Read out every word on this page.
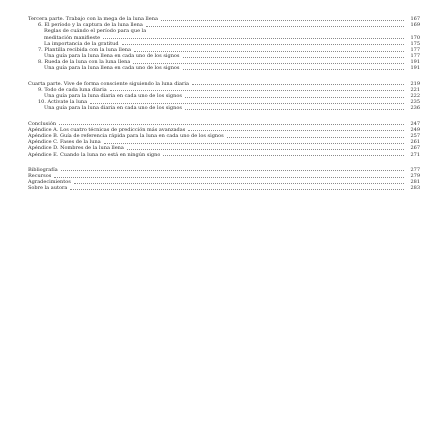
Tercera parte. Trabajo con la mega de la luna llena	167
6. El período y la captura de la luna llena	169
Reglas de cuándo el período para que la
meditación manifieste	170
La importancia de la gratitud	175
7. Plantilla recibida con la luna llena	177
Una guía para la luna llena en cada uno de los signos	177
8. Rueda de la luna con la luna llena	191
Una guía para la luna llena en cada uno de los signos	191
Cuarta parte. Vive de forma consciente siguiendo la luna diaria	219
9. Todo de cada luna diaria	221
Una guía para la luna diaria en cada uno de los signos	222
10. Activate la luna	235
Una guía para la luna diaria en cada uno de los signos	236
Conclusión	247
Apéndice A. Los cuatro técnicas de predicción más avanzadas	249
Apéndice B. Guía de referencia rápida para la luna en cada uno de los signos	257
Apéndice C. Fases de la luna	261
Apéndice D. Nombres de la luna llena	267
Apéndice E. Cuando la luna no está en ningún signo	271
Bibliografía	277
Recursos	279
Agradecimientos	281
Sobre la autora	283
